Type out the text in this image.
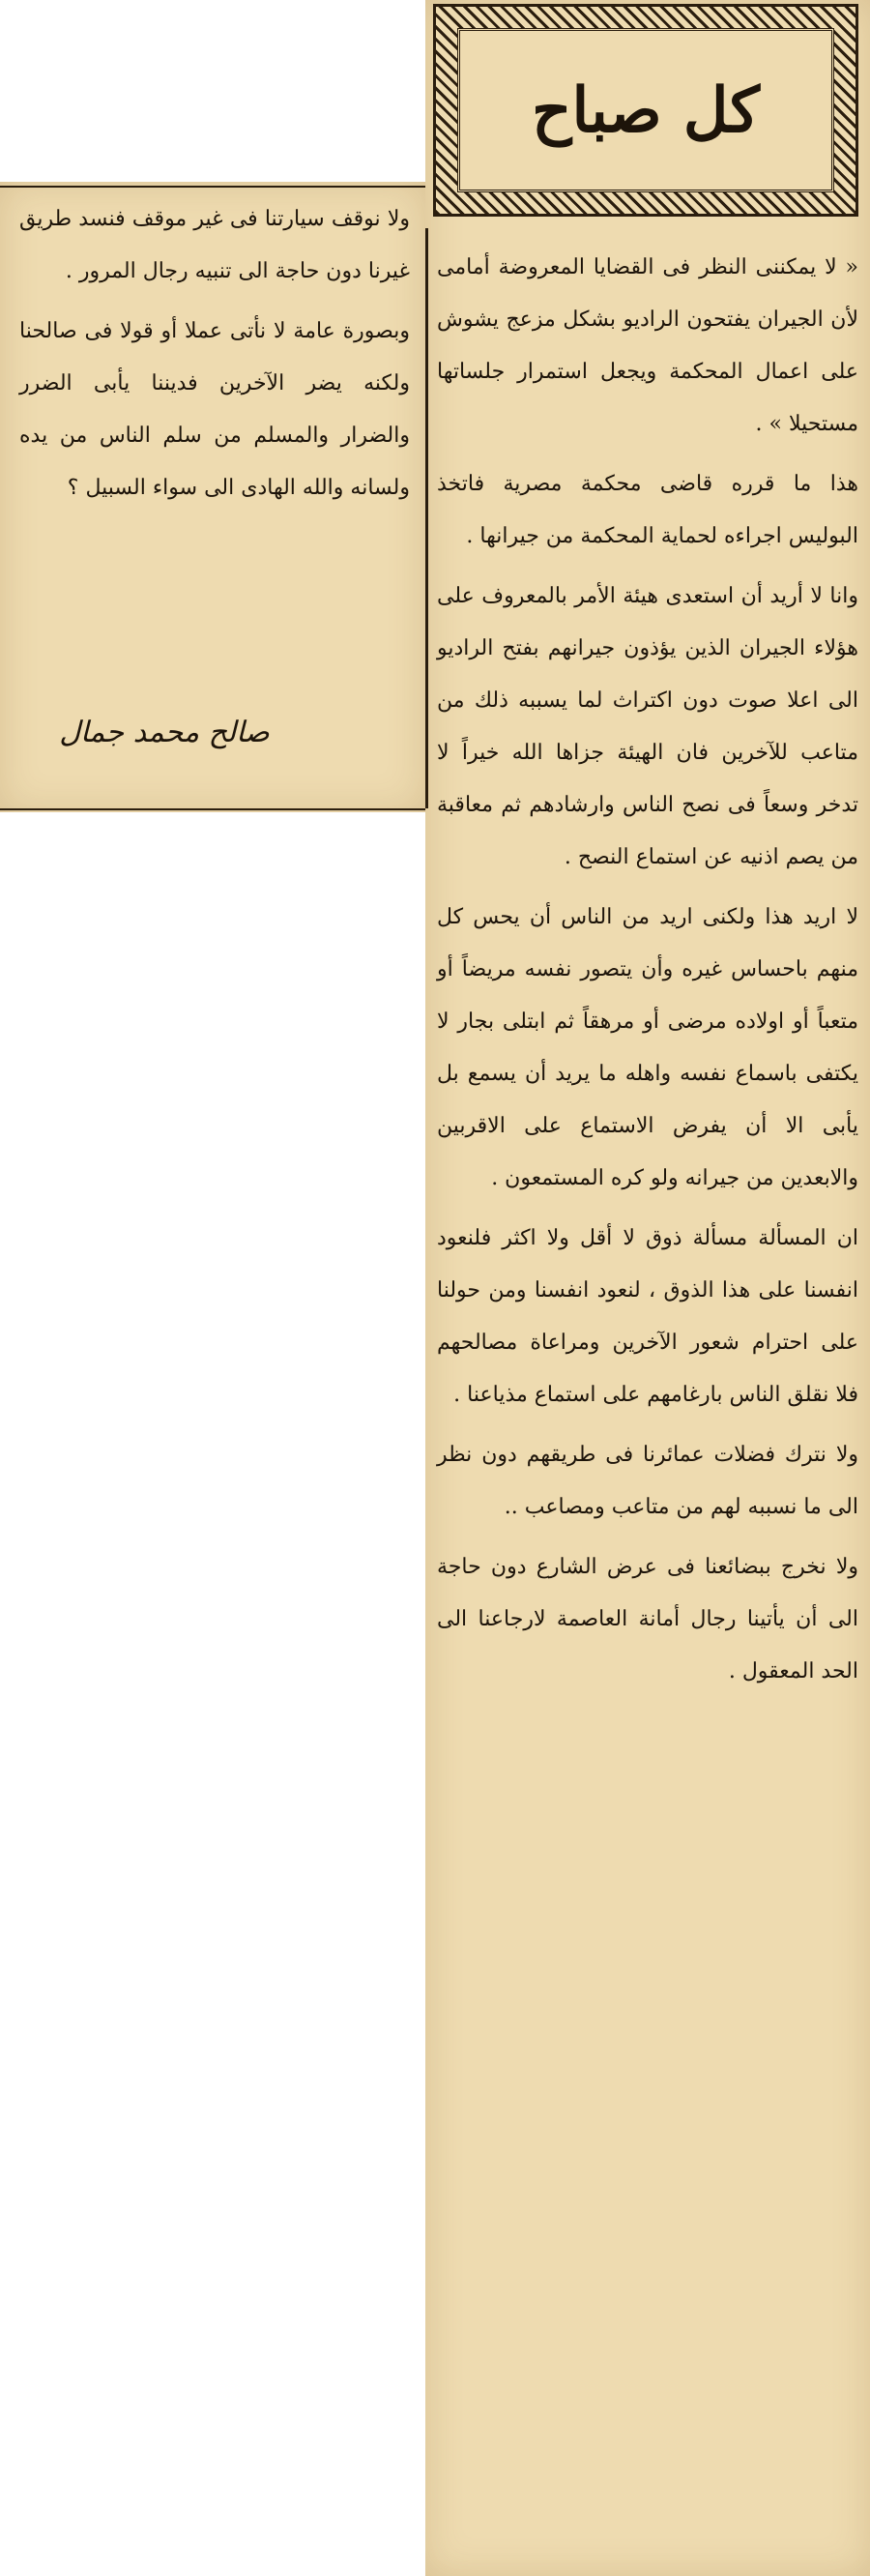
كل صباح

ولا نوقف سيارتنا فى غير موقف فنسد طريق غيرنا دون حاجة الى تنبيه رجال المرور .

وبصورة عامة لا نأتى عملا أو قولا فى صالحنا ولكنه يضر الآخرين فديننا يأبى الضرر والضرار والمسلم من سلم الناس من يده ولسانه والله الهادى الى سواء السبيل ؟

صالح محمد جمال

« لا يمكننى النظر فى القضايا المعروضة أمامى لأن الجيران يفتحون الراديو بشكل مزعج يشوش على اعمال المحكمة ويجعل استمرار جلساتها مستحيلا » .

هذا ما قرره قاضى محكمة مصرية فاتخذ البوليس اجراءه لحماية المحكمة من جيرانها .

وانا لا أريد أن استعدى هيئة الأمر بالمعروف على هؤلاء الجيران الذين يؤذون جيرانهم بفتح الراديو الى اعلا صوت دون اكتراث لما يسببه ذلك من متاعب للآخرين فان الهيئة جزاها الله خيراً لا تدخر وسعاً فى نصح الناس وارشادهم ثم معاقبة من يصم اذنيه عن استماع النصح .

لا اريد هذا ولكنى اريد من الناس أن يحس كل منهم باحساس غيره وأن يتصور نفسه مريضاً أو متعباً أو اولاده مرضى أو مرهقاً ثم ابتلى بجار لا يكتفى باسماع نفسه واهله ما يريد أن يسمع بل يأبى الا أن يفرض الاستماع على الاقربين والابعدين من جيرانه ولو كره المستمعون .

ان المسألة مسألة ذوق لا أقل ولا اكثر فلنعود انفسنا على هذا الذوق ، لنعود انفسنا ومن حولنا على احترام شعور الآخرين ومراعاة مصالحهم فلا نقلق الناس بارغامهم على استماع مذياعنا .

ولا نترك فضلات عمائرنا فى طريقهم دون نظر الى ما نسببه لهم من متاعب ومصاعب ..

ولا نخرج ببضائعنا فى عرض الشارع دون حاجة الى أن يأتينا رجال أمانة العاصمة لارجاعنا الى الحد المعقول .
